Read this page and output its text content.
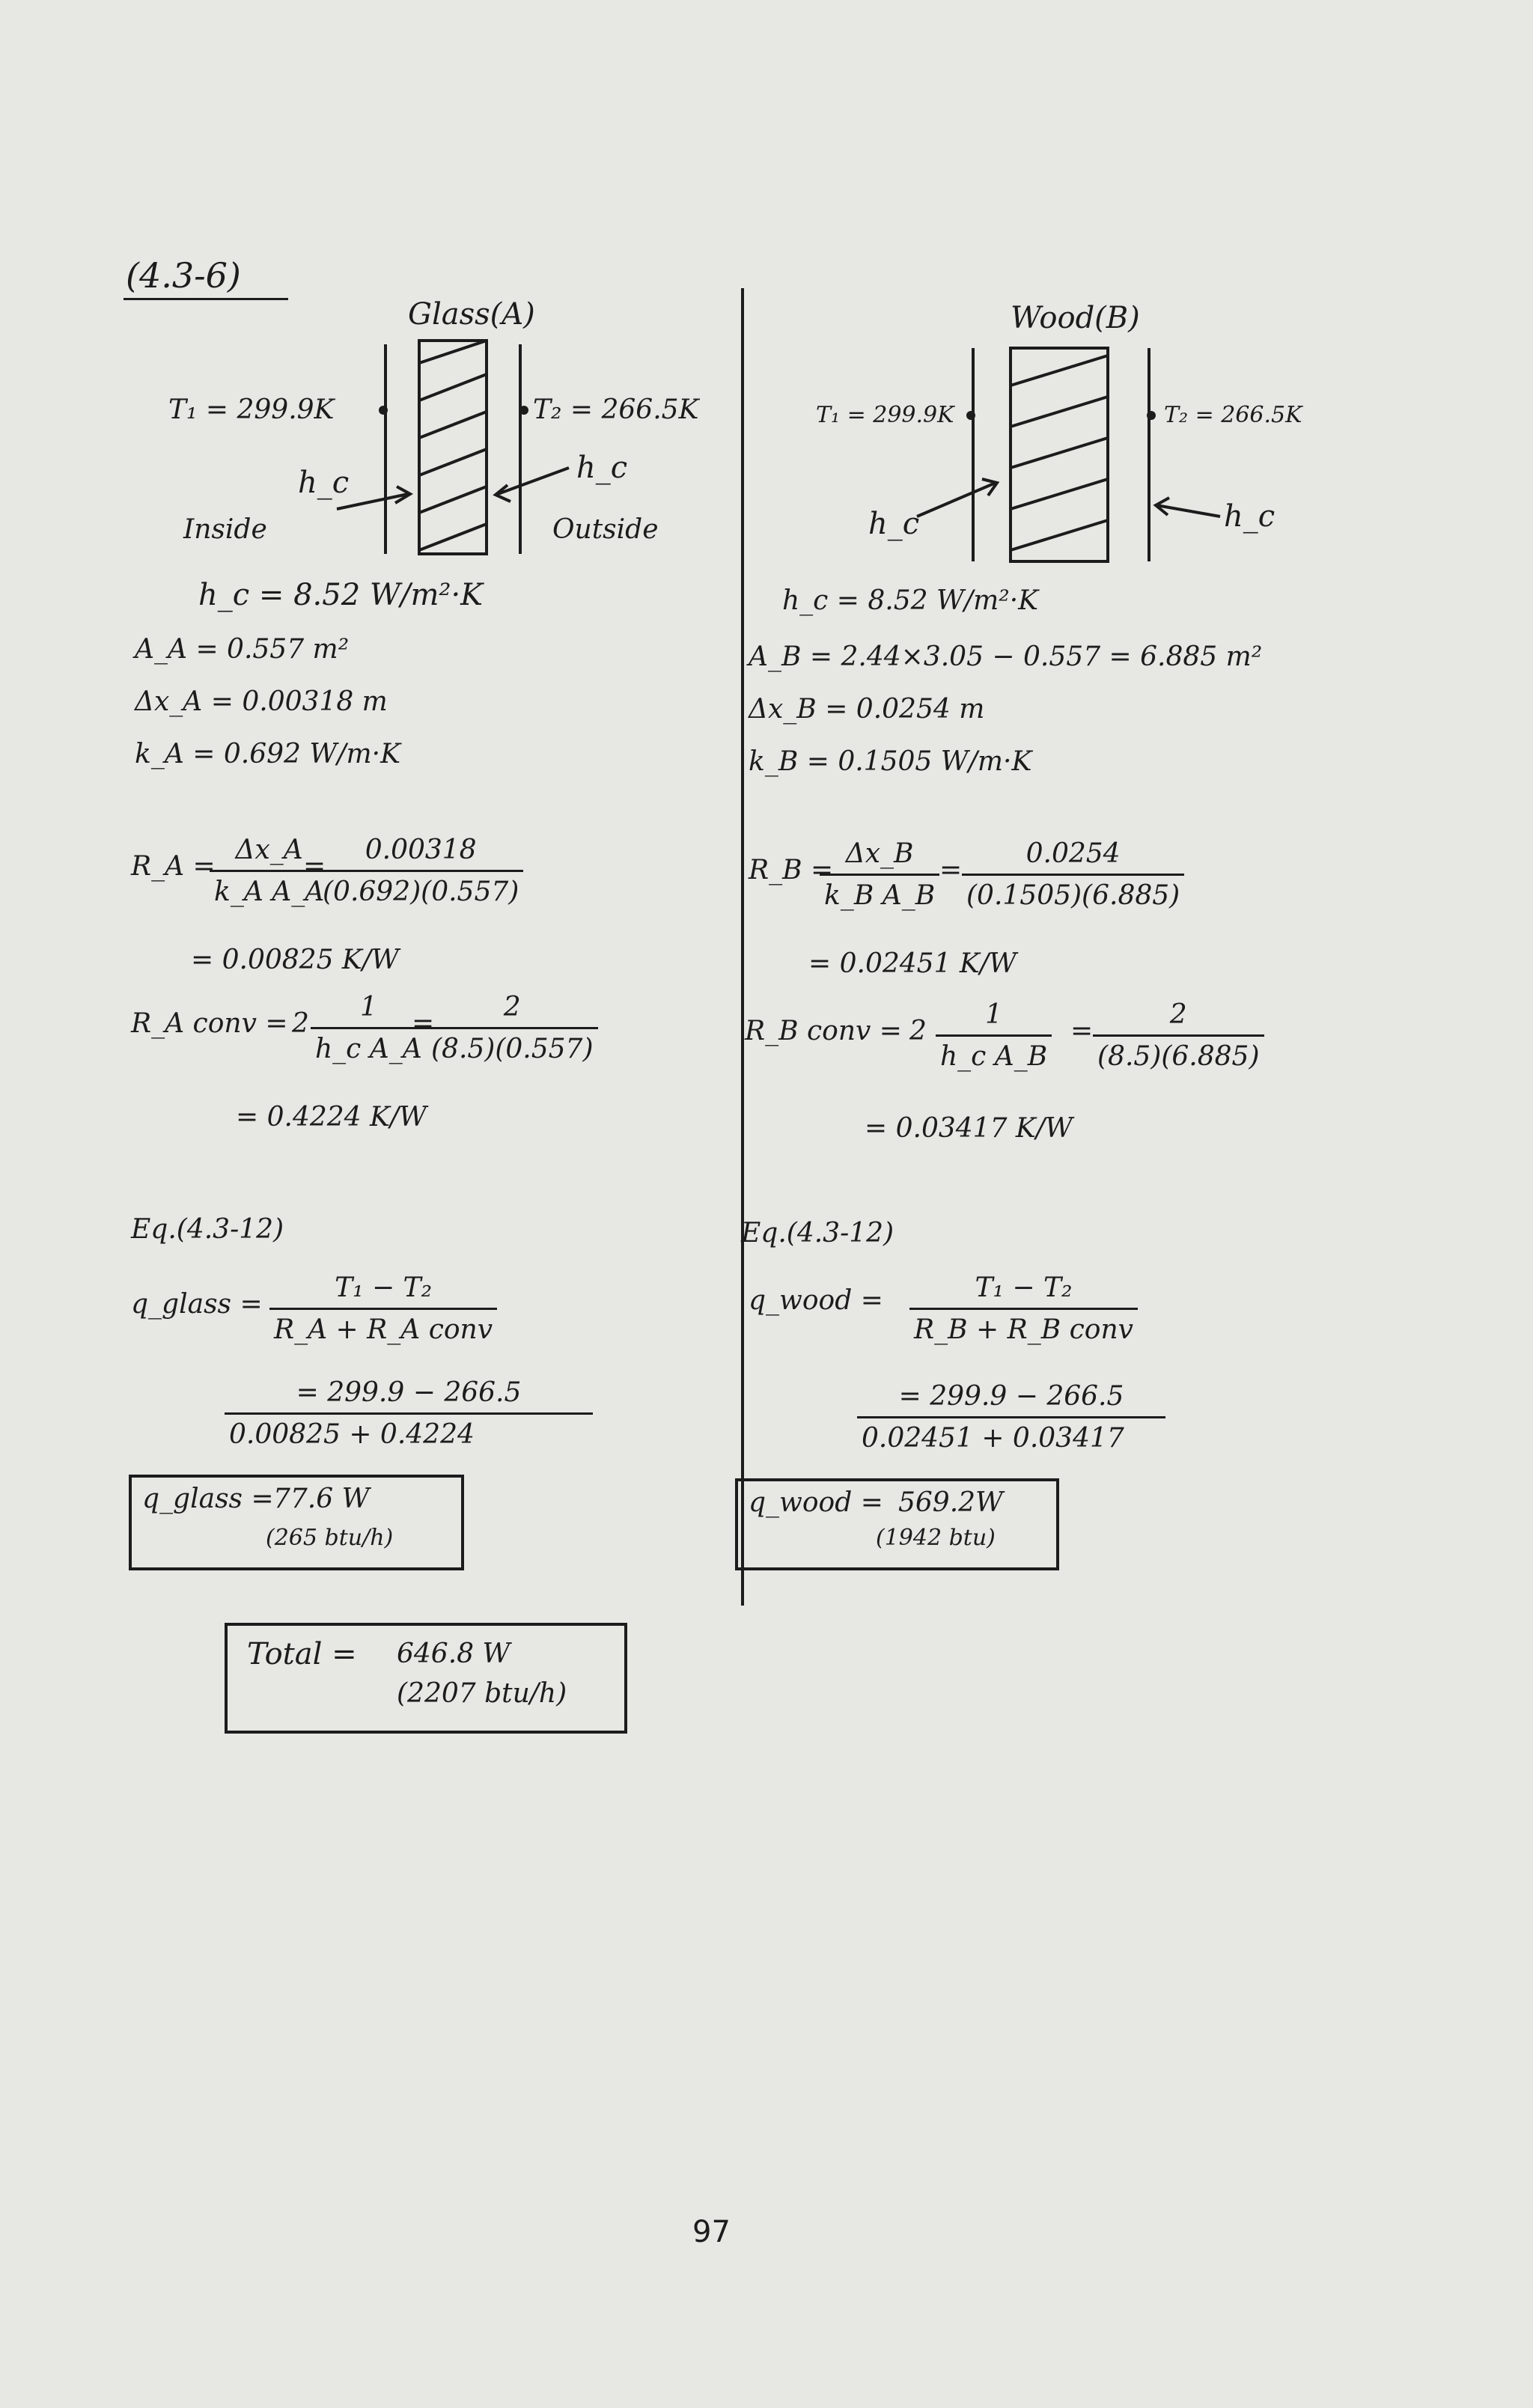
(4.3-6)
Glass(A)
T₁ = 299.9K	T₂ = 266.5K
h_c	h_c
Inside	Outside
h_c = 8.52 W/m²·K
A_A = 0.557 m²
Δx_A = 0.00318 m
k_A = 0.692 W/m·K
R_A =
$\frac{\Delta x\_A}{\text{k\_A A\_A}}$
=
$\frac{0.00318}{(0.692)(0.557)}$
= 0.00825 K/W
R_A conv = $2 \frac{1}{\text{h\_c A\_A}}$
=
$\frac{2}{(8.5)(0.557)}$
= 0.4224 K/W
Eq.(4.3-12)
q_glass =
T₁ − T₂
R_A + R_A conv
$\frac{= 299.9 - 266.5}{0.00825 + 0.4224}$
q_glass = 77.6 W
(265 btu/h)
Wood(B)
T₁ = 299.9K	T₂ = 266.5K
h_c	h_c
h_c = 8.52 W/m²·K
A_B = 2.44×3.05 − 0.557 = 6.885 m²
Δx_B = 0.0254 m
k_B = 0.1505 W/m·K
R_B =
$\frac{\Delta x\_B}{\text{k\_B A\_B}} = \frac{0.0254}{(0.1505)(6.885)}$
= 0.02451 K/W
R_B conv = $2 \frac{1}{\text{h\_c A\_B}} = \frac{2}{(8.5)(6.885)}$
= 0.03417 K/W
Eq.(4.3-12)
q_wood =	T₁ − T₂
R_B + R_B conv
$\frac{= 299.9 - 266.5}{0.02451 + 0.03417}$
q_wood = 569.2W
(1942 btu)
Total = 646.8 W
(2207 btu/h)
97
